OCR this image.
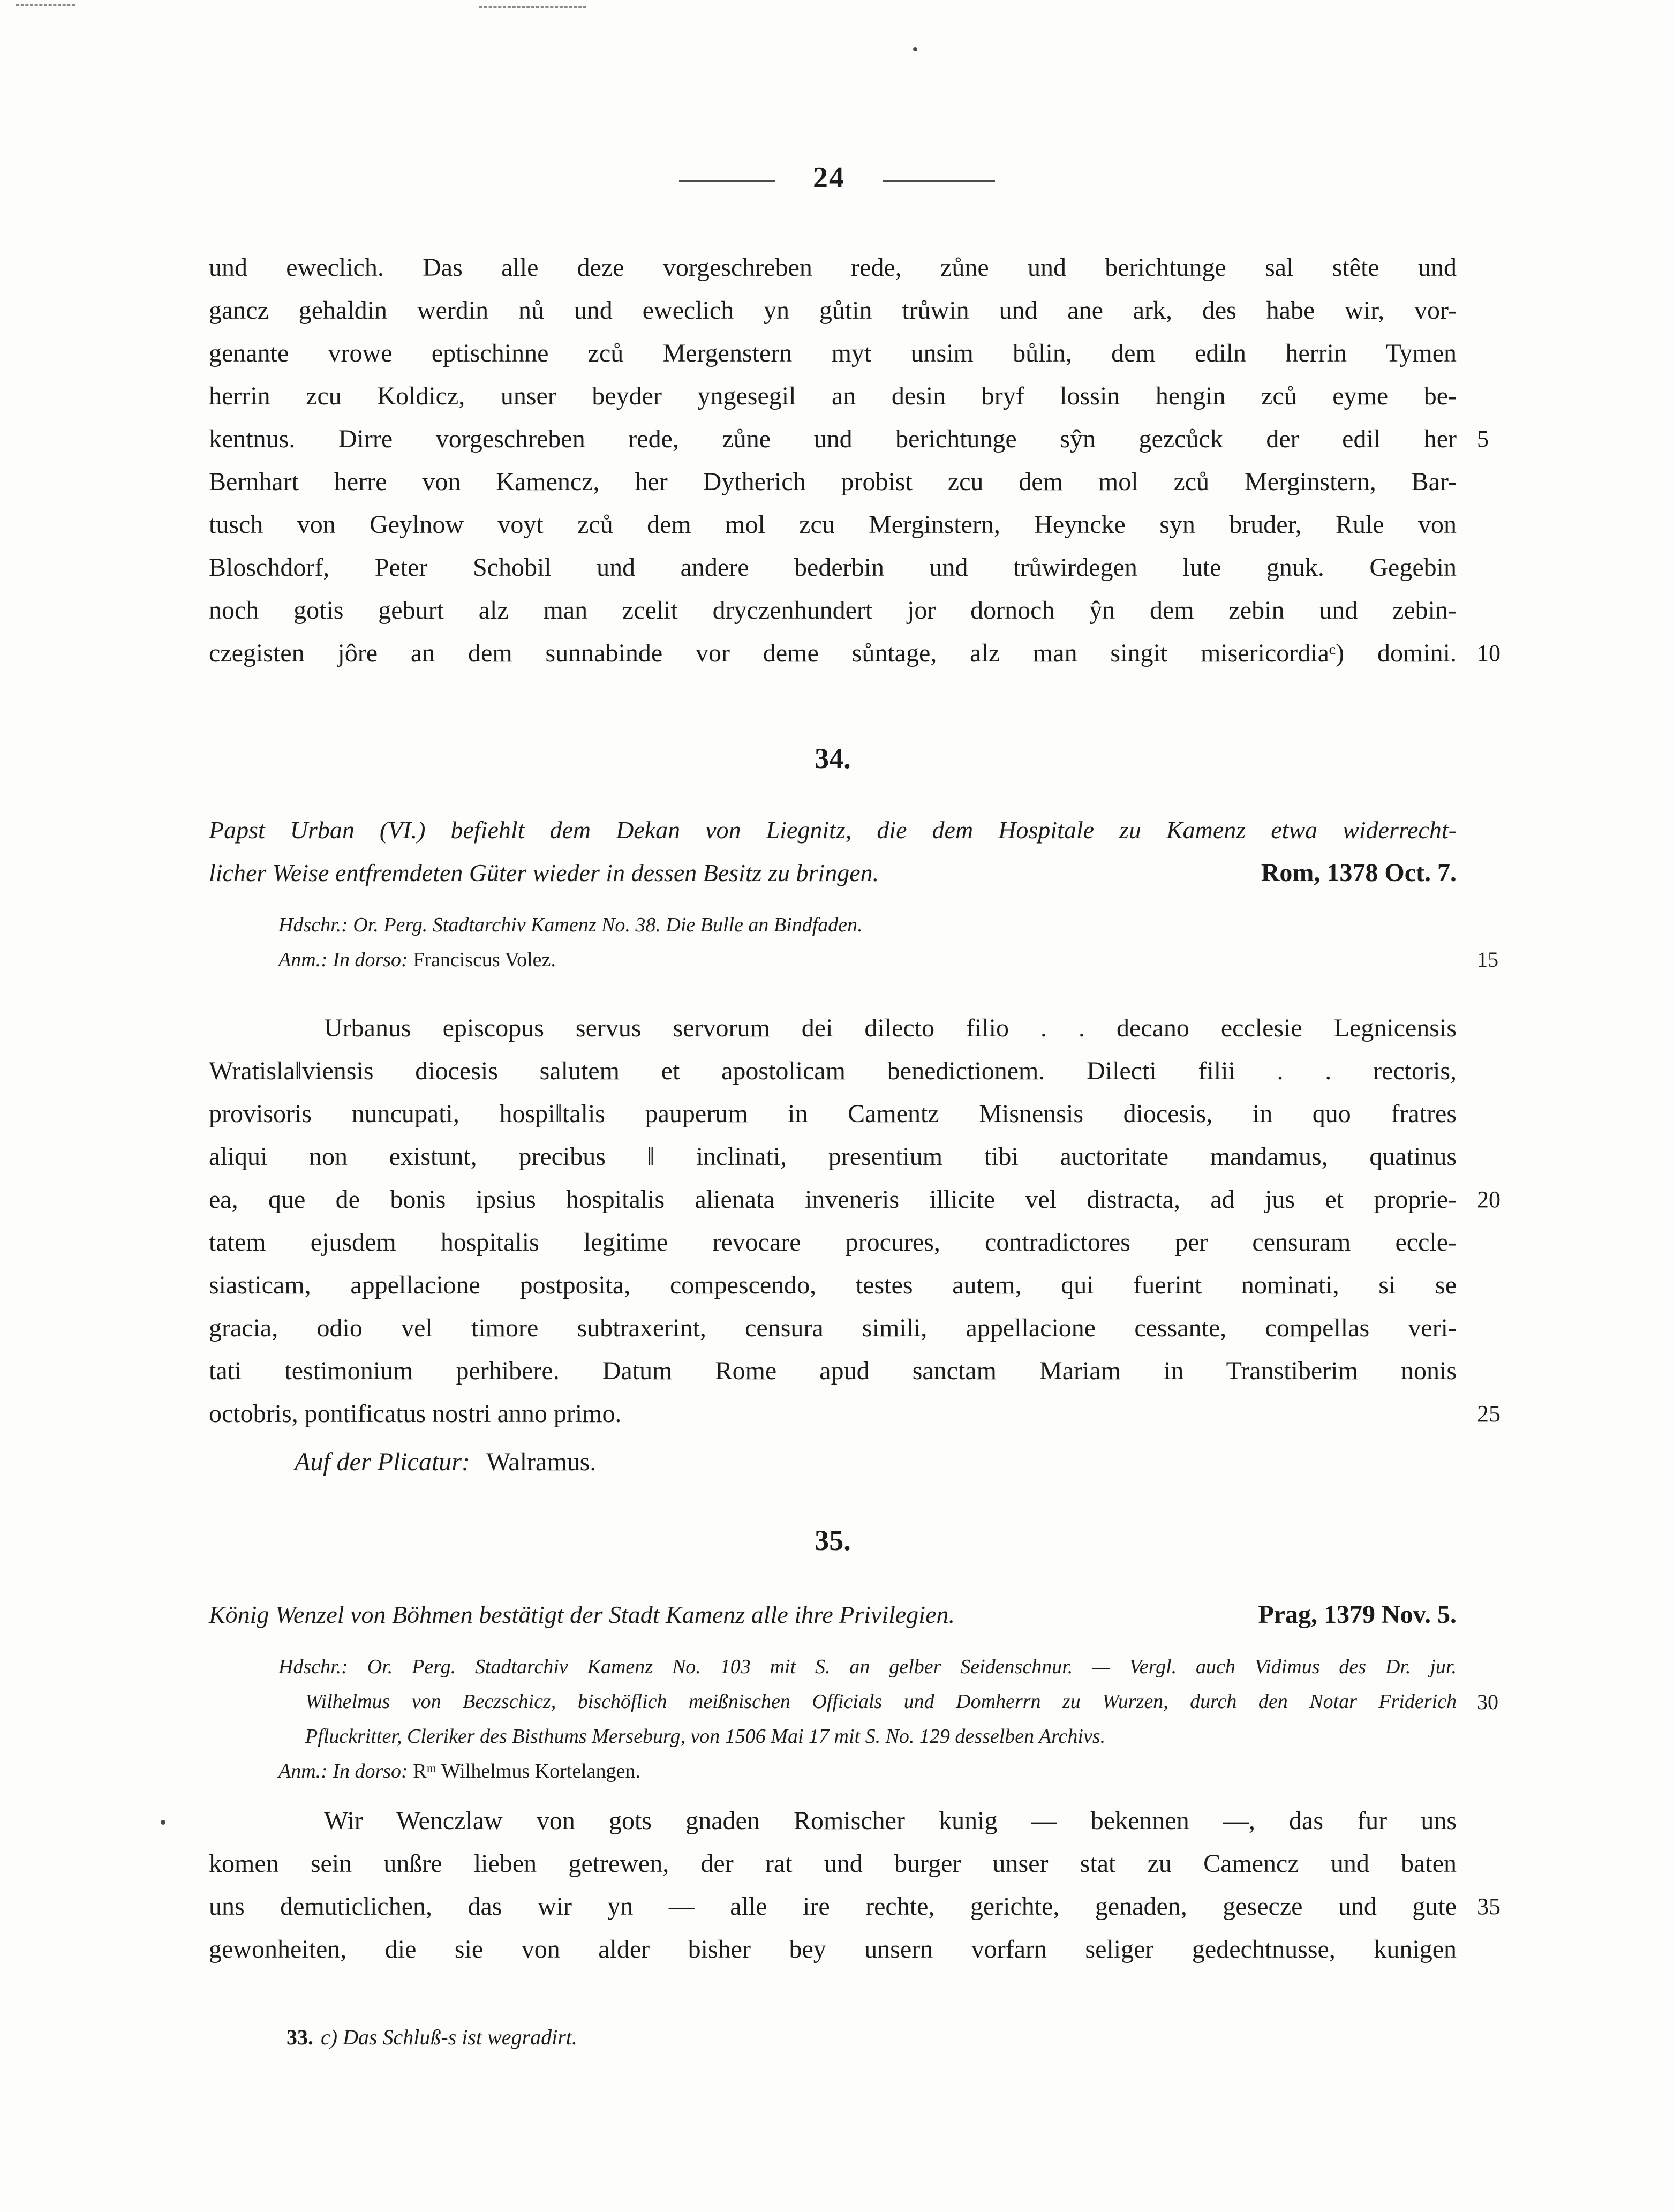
24
5
10
15
20
25
30
35
und eweclich. Das alle deze vorgeschreben rede, zůne und berichtunge sal stête und
gancz gehaldin werdin nů und eweclich yn gůtin trůwin und ane ark, des habe wir, vor-
genante vrowe eptischinne zců Mergenstern myt unsim bůlin, dem ediln herrin Tymen
herrin zcu Koldicz, unser beyder yngesegil an desin bryf lossin hengin zců eyme be-
kentnus. Dirre vorgeschreben rede, zůne und berichtunge sŷn gezcůck der edil her
Bernhart herre von Kamencz, her Dytherich probist zcu dem mol zců Merginstern, Bar-
tusch von Geylnow voyt zců dem mol zcu Merginstern, Heyncke syn bruder, Rule von
Bloschdorf, Peter Schobil und andere bederbin und trůwirdegen lute gnuk. Gegebin
noch gotis geburt alz man zcelit dryczenhundert jor dornoch ŷn dem zebin und zebin-
czegisten jôre an dem sunnabinde vor deme sůntage, alz man singit misericordiaᶜ) domini.
34.
Papst Urban (VI.) befiehlt dem Dekan von Liegnitz, die dem Hospitale zu Kamenz etwa widerrecht-
licher Weise entfremdeten Güter wieder in dessen Besitz zu bringen.	Rom, 1378 Oct. 7.
Hdschr.: Or. Perg. Stadtarchiv Kamenz No. 38. Die Bulle an Bindfaden.
Anm.: In dorso: Franciscus Volez.
Urbanus episcopus servus servorum dei dilecto filio . . decano ecclesie Legnicensis
Wratisla‖viensis diocesis salutem et apostolicam benedictionem. Dilecti filii . . rectoris,
provisoris nuncupati, hospi‖talis pauperum in Camentz Misnensis diocesis, in quo fratres
aliqui non existunt, precibus ‖ inclinati, presentium tibi auctoritate mandamus, quatinus
ea, que de bonis ipsius hospitalis alienata inveneris illicite vel distracta, ad jus et proprie-
tatem ejusdem hospitalis legitime revocare procures, contradictores per censuram eccle-
siasticam, appellacione postposita, compescendo, testes autem, qui fuerint nominati, si se
gracia, odio vel timore subtraxerint, censura simili, appellacione cessante, compellas veri-
tati testimonium perhibere. Datum Rome apud sanctam Mariam in Transtiberim nonis
octobris, pontificatus nostri anno primo.
Auf der Plicatur: Walramus.
35.
König Wenzel von Böhmen bestätigt der Stadt Kamenz alle ihre Privilegien.	Prag, 1379 Nov. 5.
Hdschr.: Or. Perg. Stadtarchiv Kamenz No. 103 mit S. an gelber Seidenschnur. — Vergl. auch Vidimus des Dr. jur.
Wilhelmus von Beczschicz, bischöflich meißnischen Officials und Domherrn zu Wurzen, durch den Notar Friderich
Pfluckritter, Cleriker des Bisthums Merseburg, von 1506 Mai 17 mit S. No. 129 desselben Archivs.
Anm.: In dorso: Rᵐ Wilhelmus Kortelangen.
Wir Wenczlaw von gots gnaden Romischer kunig — bekennen —, das fur uns
komen sein unßre lieben getrewen, der rat und burger unser stat zu Camencz und baten
uns demuticlichen, das wir yn — alle ire rechte, gerichte, genaden, gesecze und gute
gewonheiten, die sie von alder bisher bey unsern vorfarn seliger gedechtnusse, kunigen
33. c) Das Schluß-s ist wegradirt.
